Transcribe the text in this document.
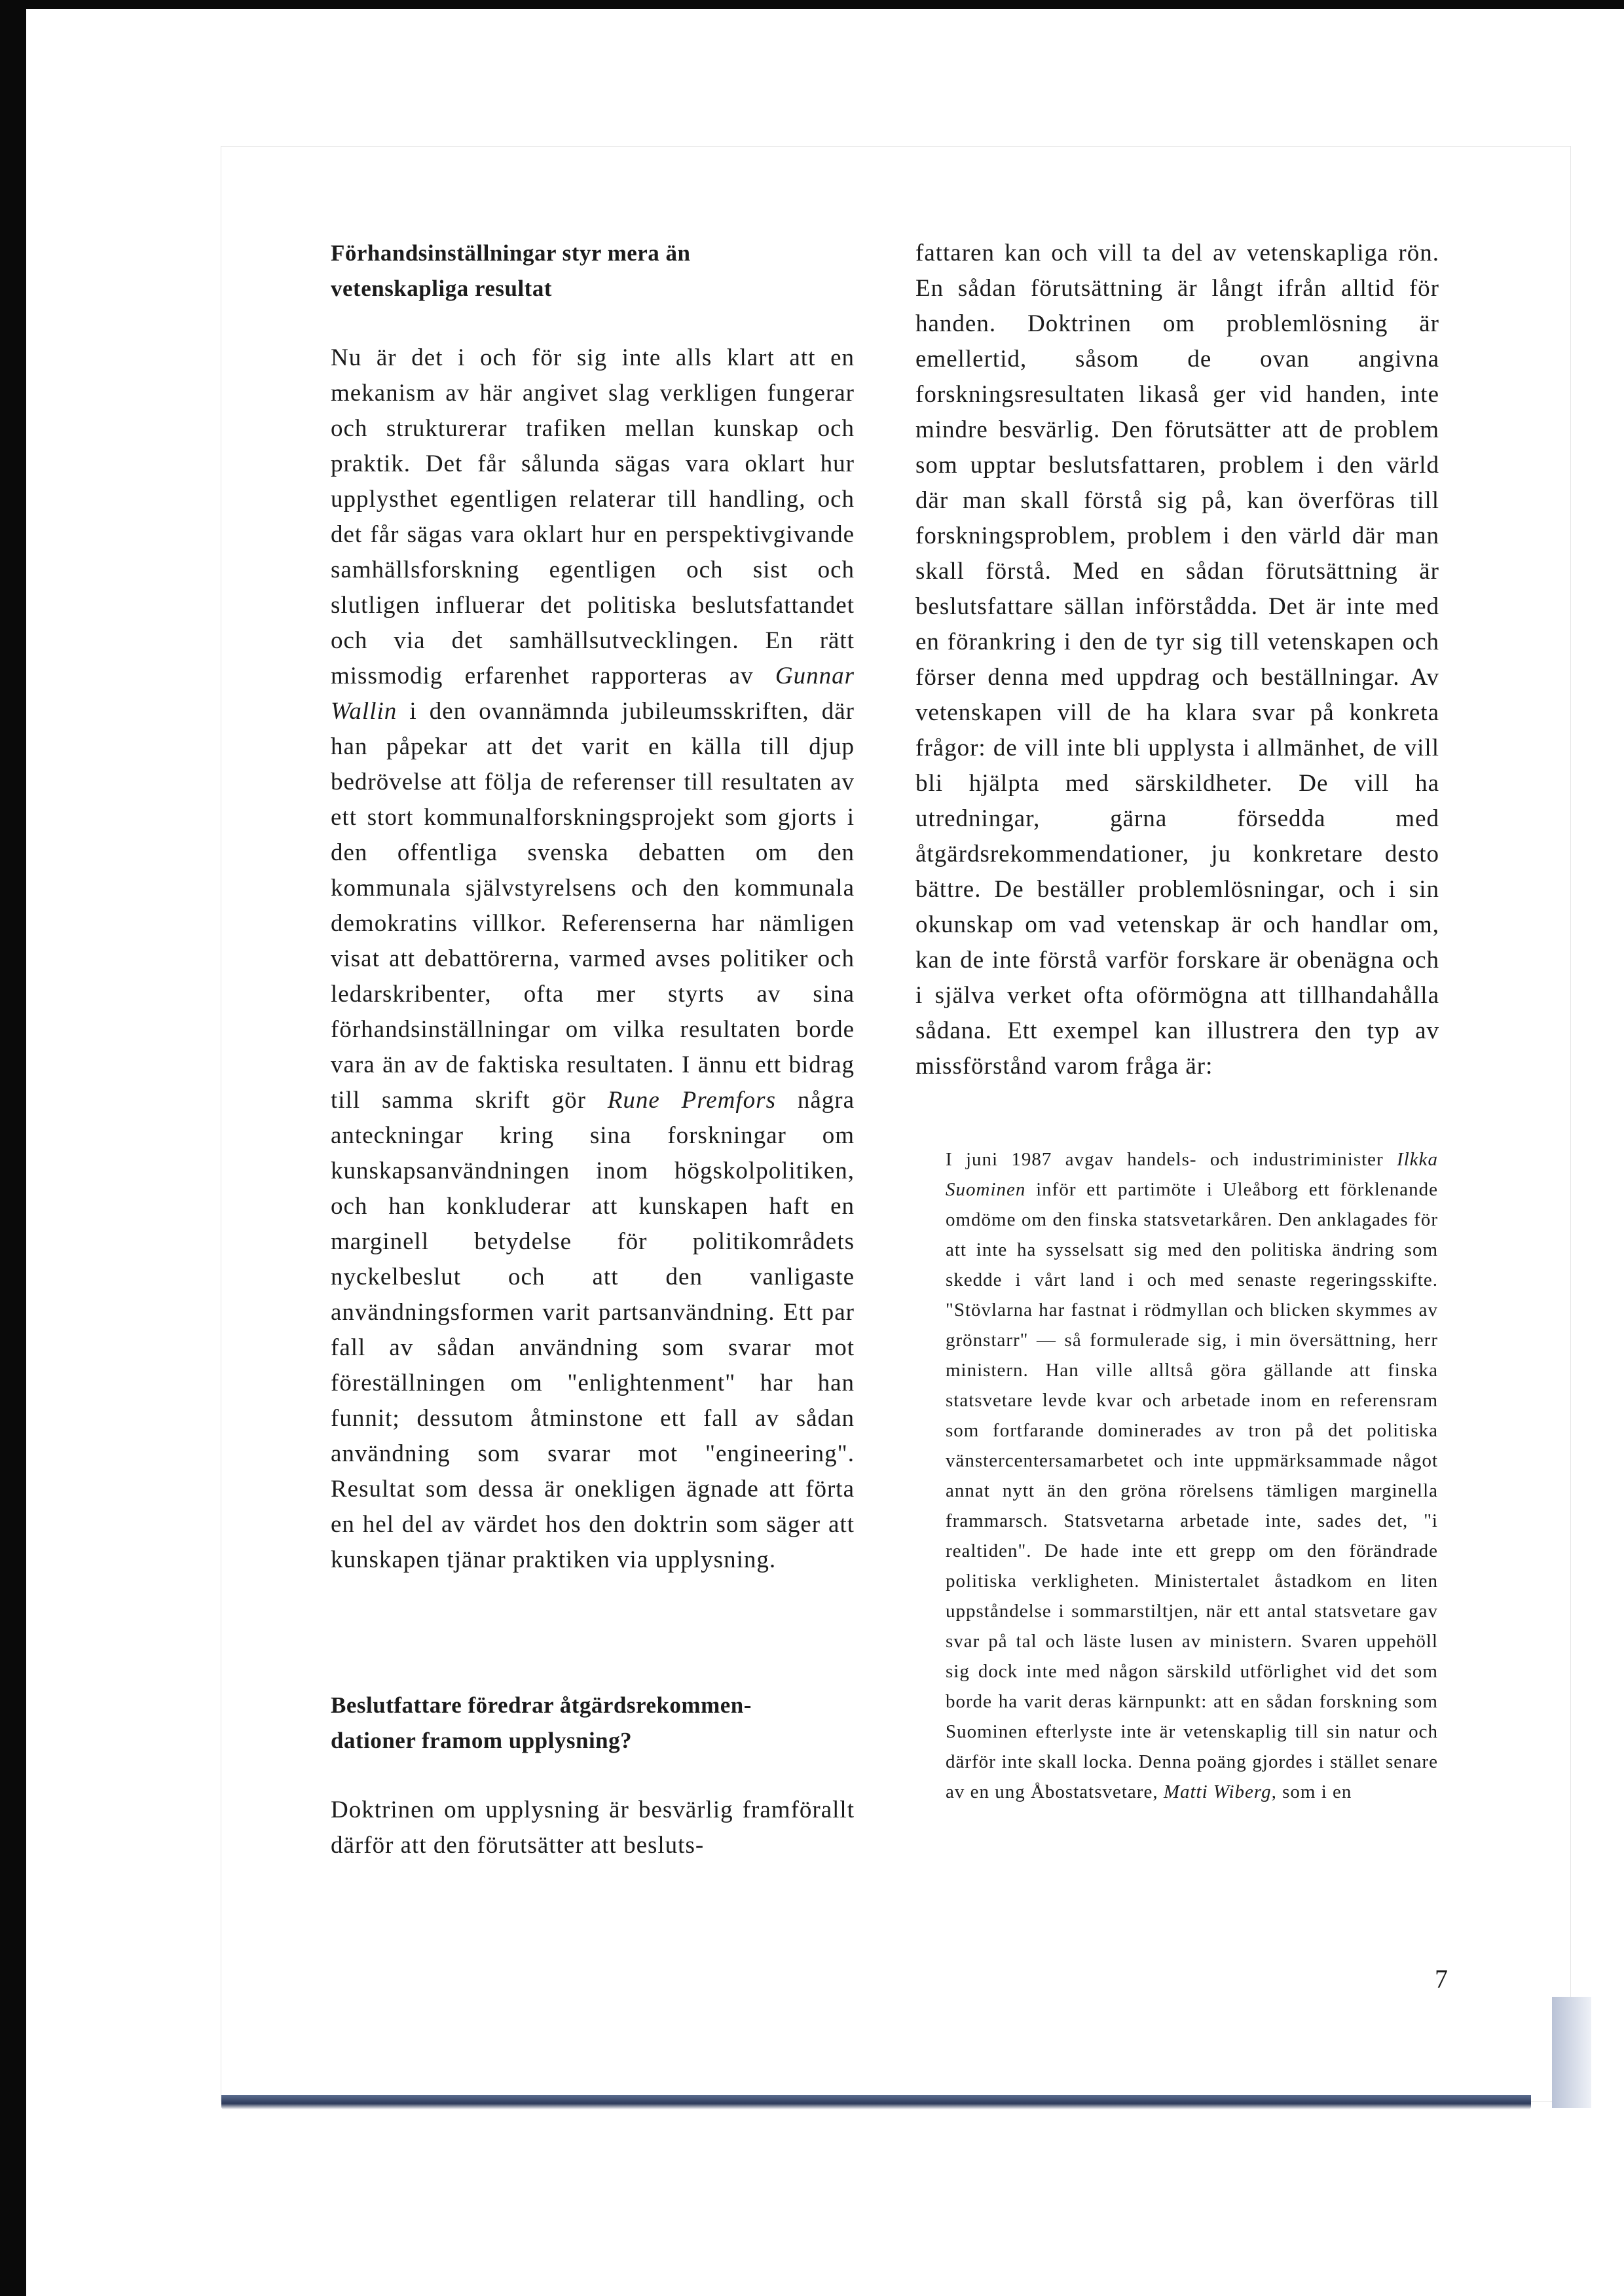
Förhandsinställningar styr mera än

vetenskapliga resultat

Nu är det i och för sig inte alls klart att en mekanism av här angivet slag verkligen fungerar och strukturerar trafiken mellan kunskap och praktik. Det får sålunda sägas vara oklart hur upplysthet egentligen relaterar till handling, och det får sägas vara oklart hur en perspektivgivande samhällsforskning egentligen och sist och slutligen influerar det politiska beslutsfattandet och via det samhällsutvecklingen. En rätt missmodig erfarenhet rapporteras av Gunnar Wallin i den ovannämnda jubileumsskriften, där han påpekar att det varit en källa till djup bedrövelse att följa de referenser till resultaten av ett stort kommunalforskningsprojekt som gjorts i den offentliga svenska debatten om den kommunala självstyrelsens och den kommunala demokratins villkor. Referenserna har nämligen visat att debattörerna, varmed avses politiker och ledarskribenter, ofta mer styrts av sina förhandsinställningar om vilka resultaten borde vara än av de faktiska resultaten. I ännu ett bidrag till samma skrift gör Rune Premfors några anteckningar kring sina forskningar om kunskapsanvändningen inom högskolpolitiken, och han konkluderar att kunskapen haft en marginell betydelse för politikområdets nyckelbeslut och att den vanligaste användningsformen varit partsanvändning. Ett par fall av sådan användning som svarar mot föreställningen om "enlightenment" har han funnit; dessutom åtminstone ett fall av sådan användning som svarar mot "engineering". Resultat som dessa är onekligen ägnade att förta en hel del av värdet hos den doktrin som säger att kunskapen tjänar praktiken via upplysning.

Beslutfattare föredrar åtgärdsrekommen-

dationer framom upplysning?

Doktrinen om upplysning är besvärlig framförallt därför att den förutsätter att besluts-

fattaren kan och vill ta del av vetenskapliga rön. En sådan förutsättning är långt ifrån alltid för handen. Doktrinen om problemlösning är emellertid, såsom de ovan angivna forskningsresultaten likaså ger vid handen, inte mindre besvärlig. Den förutsätter att de problem som upptar beslutsfattaren, problem i den värld där man skall förstå sig på, kan överföras till forskningsproblem, problem i den värld där man skall förstå. Med en sådan förutsättning är beslutsfattare sällan införstådda. Det är inte med en förankring i den de tyr sig till vetenskapen och förser denna med uppdrag och beställningar. Av vetenskapen vill de ha klara svar på konkreta frågor: de vill inte bli upplysta i allmänhet, de vill bli hjälpta med särskildheter. De vill ha utredningar, gärna försedda med åtgärdsrekommendationer, ju konkretare desto bättre. De beställer problemlösningar, och i sin okunskap om vad vetenskap är och handlar om, kan de inte förstå varför forskare är obenägna och i själva verket ofta oförmögna att tillhandahålla sådana. Ett exempel kan illustrera den typ av missförstånd varom fråga är:

I juni 1987 avgav handels- och industriminister Ilkka Suominen inför ett partimöte i Uleåborg ett förklenande omdöme om den finska statsvetarkåren. Den anklagades för att inte ha sysselsatt sig med den politiska ändring som skedde i vårt land i och med senaste regeringsskifte. "Stövlarna har fastnat i rödmyllan och blicken skymmes av grönstarr" — så formulerade sig, i min översättning, herr ministern. Han ville alltså göra gällande att finska statsvetare levde kvar och arbetade inom en referensram som fortfarande dominerades av tron på det politiska vänstercentersamarbetet och inte uppmärksammade något annat nytt än den gröna rörelsens tämligen marginella frammarsch. Statsvetarna arbetade inte, sades det, "i realtiden". De hade inte ett grepp om den förändrade politiska verkligheten. Ministertalet åstadkom en liten uppståndelse i sommarstiltjen, när ett antal statsvetare gav svar på tal och läste lusen av ministern. Svaren uppehöll sig dock inte med någon särskild utförlighet vid det som borde ha varit deras kärnpunkt: att en sådan forskning som Suominen efterlyste inte är vetenskaplig till sin natur och därför inte skall locka. Denna poäng gjordes i stället senare av en ung Åbostatsvetare, Matti Wiberg, som i en

7
